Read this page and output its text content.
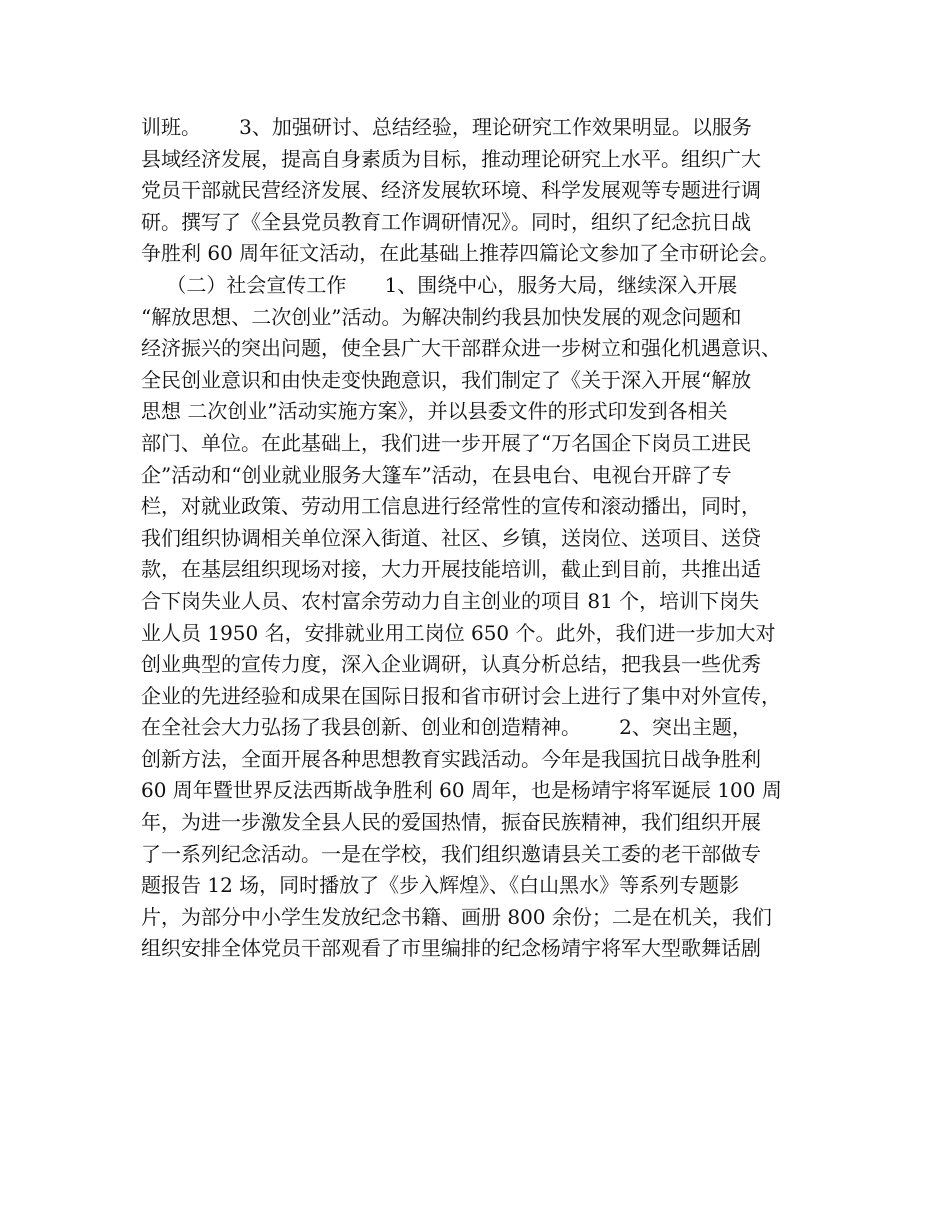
训班。      3、加强研讨、总结经验，理论研究工作效果明显。以服务
县域经济发展，提高自身素质为目标，推动理论研究上水平。组织广大
党员干部就民营经济发展、经济发展软环境、科学发展观等专题进行调
研。撰写了《全县党员教育工作调研情况》。同时，组织了纪念抗日战
争胜利 60 周年征文活动，在此基础上推荐四篇论文参加了全市研论会。
（二）社会宣传工作      1、围绕中心，服务大局，继续深入开展
“解放思想、二次创业”活动。为解决制约我县加快发展的观念问题和
经济振兴的突出问题，使全县广大干部群众进一步树立和强化机遇意识、
全民创业意识和由快走变快跑意识，我们制定了《关于深入开展“解放
思想 二次创业”活动实施方案》，并以县委文件的形式印发到各相关
部门、单位。在此基础上，我们进一步开展了“万名国企下岗员工进民
企”活动和“创业就业服务大篷车”活动，在县电台、电视台开辟了专
栏，对就业政策、劳动用工信息进行经常性的宣传和滚动播出，同时，
我们组织协调相关单位深入街道、社区、乡镇，送岗位、送项目、送贷
款，在基层组织现场对接，大力开展技能培训，截止到目前，共推出适
合下岗失业人员、农村富余劳动力自主创业的项目 81 个，培训下岗失
业人员 1950 名，安排就业用工岗位 650 个。此外，我们进一步加大对
创业典型的宣传力度，深入企业调研，认真分析总结，把我县一些优秀
企业的先进经验和成果在国际日报和省市研讨会上进行了集中对外宣传，
在全社会大力弘扬了我县创新、创业和创造精神。      2、突出主题，
创新方法，全面开展各种思想教育实践活动。今年是我国抗日战争胜利
60 周年暨世界反法西斯战争胜利 60 周年，也是杨靖宇将军诞辰 100 周
年，为进一步激发全县人民的爱国热情，振奋民族精神，我们组织开展
了一系列纪念活动。一是在学校，我们组织邀请县关工委的老干部做专
题报告 12 场，同时播放了《步入辉煌》、《白山黑水》等系列专题影
片，为部分中小学生发放纪念书籍、画册 800 余份；二是在机关，我们
组织安排全体党员干部观看了市里编排的纪念杨靖宇将军大型歌舞话剧
